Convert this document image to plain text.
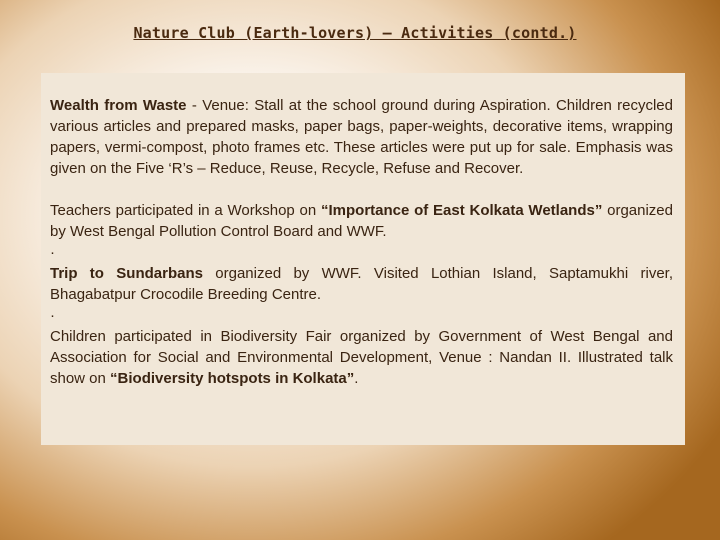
Nature Club (Earth-lovers) – Activities (contd.)

Wealth from Waste - Venue: Stall at the school ground during Aspiration. Children recycled various articles and prepared masks, paper bags, paper-weights, decorative items, wrapping papers, vermi-compost, photo frames etc. These articles were put up for sale. Emphasis was given on the Five ‘R’s – Reduce, Reuse, Recycle, Refuse and Recover.

Teachers participated in a Workshop on “Importance of East Kolkata Wetlands” organized by West Bengal Pollution Control Board and WWF.

·

Trip to Sundarbans organized by WWF. Visited Lothian Island, Saptamukhi river, Bhagabatpur Crocodile Breeding Centre.

·

Children participated in Biodiversity Fair organized by Government of West Bengal and Association for Social and Environmental Development, Venue : Nandan II. Illustrated talk show on “Biodiversity hotspots in Kolkata”.
